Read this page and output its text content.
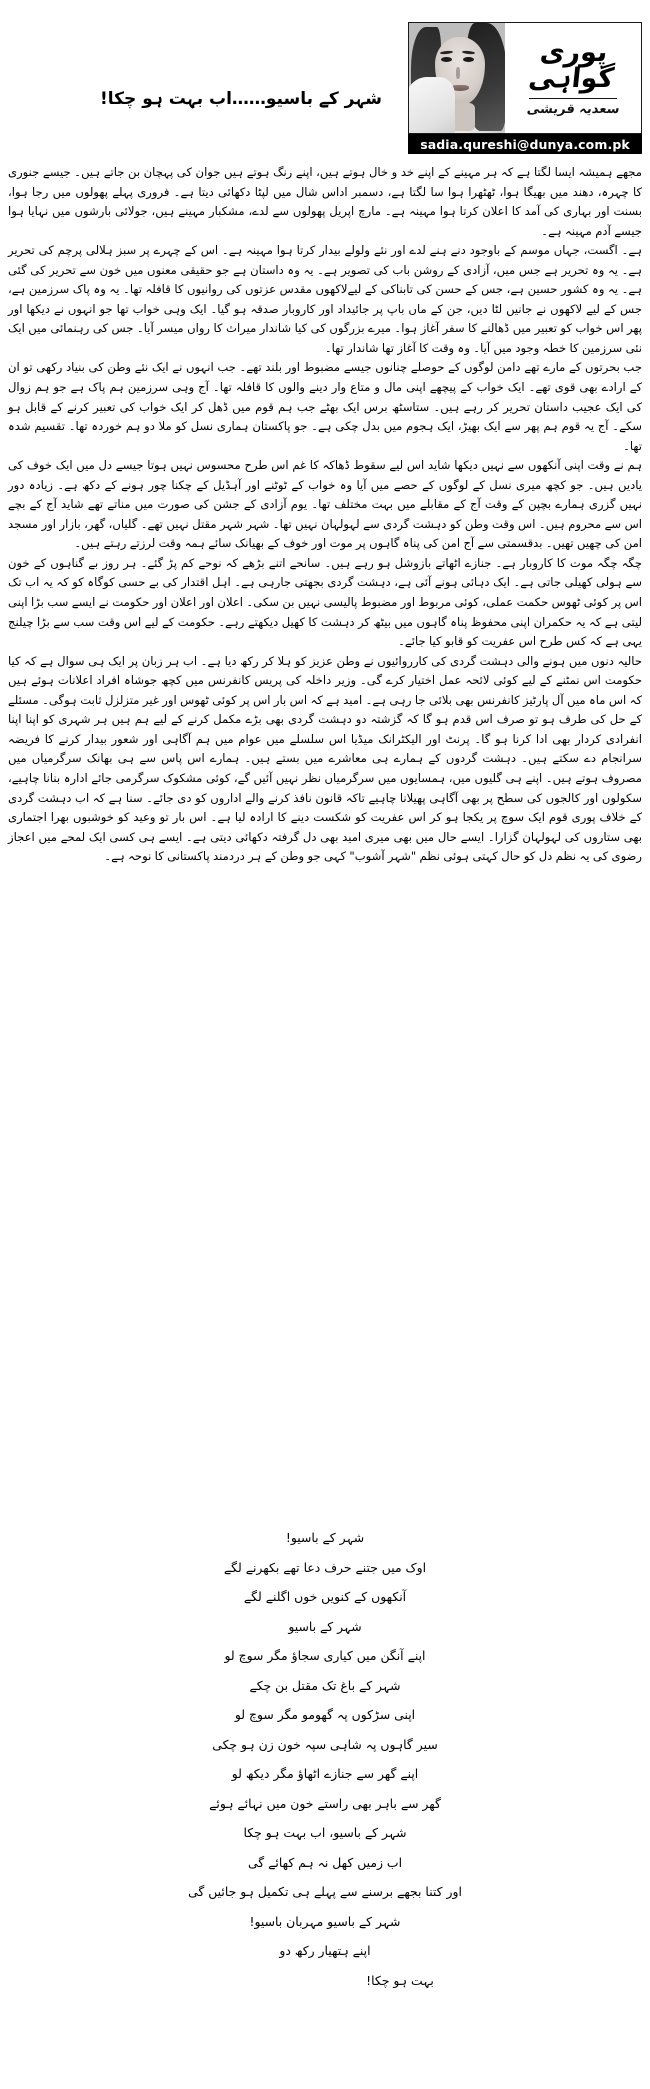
پوری
گواہی
سعدیہ قریشی
sadia.qureshi@dunya.com.pk
شہر کے باسیو……اب بہت ہو چکا!

مجھے ہمیشہ ایسا لگتا ہے کہ ہر مہینے کے اپنے خد و خال ہوتے ہیں، اپنے رنگ ہوتے ہیں جوان کی پہچان بن جاتے ہیں۔ جیسے جنوری کا چہرہ، دھند میں بھیگا ہوا، ٹھٹھرا ہوا سا لگتا ہے، دسمبر اداس شال میں لپٹا دکھائی دیتا ہے۔ فروری پہلے پھولوں میں رجا ہوا، بسنت اور بہاری کی آمد کا اعلان کرتا ہوا مہینہ ہے۔ مارچ اپریل پھولوں سے لدے، مشکبار مہینے ہیں، جولائی بارشوں میں نہایا ہوا جیسے آدم مہینہ ہے۔

ہے۔ اگست، جہاں موسم کے باوجود دنے ہنے لدے اور نئے ولولے بیدار کرتا ہوا مہینہ ہے۔ اس کے چہرے پر سبز ہلالی پرچم کی تحریر ہے۔ یہ وہ تحریر ہے جس میں، آزادی کے روشن باب کی تصویر ہے۔ یہ وہ داستان ہے جو حقیقی معنوں میں خون سے تحریر کی گئی ہے۔ یہ وہ کشور حسین ہے، جس کے حسن کی تابناکی کے لیےلاکھوں مقدس عزتوں کی روانیوں کا قافلہ تھا۔ یہ وہ پاک سرزمین ہے، جس کے لیے لاکھوں نے جانیں لٹا دیں، جن کے ماں باپ پر جائیداد اور کاروبار صدقہ ہو گیا۔ ایک وہی خواب تھا جو انہوں نے دیکھا اور پھر اس خواب کو تعبیر میں ڈھالنے کا سفر آغاز ہوا۔ میرے بزرگوں کی کیا شاندار میراث کا رواں میسر آیا۔ جس کی رہنمائی میں ایک نئی سرزمین کا خطہ وجود میں آیا۔ وہ وقت کا آغاز تھا شاندار تھا۔

جب بحرتوں کے مارے تھے دامن لوگوں کے حوصلے چنانوں جیسے مضبوط اور بلند تھے۔ جب انہوں نے ایک نئے وطن کی بنیاد رکھی تو ان کے ارادے بھی قوی تھے۔ ایک خواب کے پیچھے اپنی مال و متاع وار دینے والوں کا قافلہ تھا۔ آج وہی سرزمین ہم پاک ہے جو ہم زوال کی ایک عجیب داستان تحریر کر رہے ہیں۔ ستاسٹھ برس ایک بھٹے جب ہم قوم میں ڈھل کر ایک خواب کی تعبیر کرنے کے قابل ہو سکے۔ آج یہ قوم ہم پھر سے ایک بھیڑ، ایک ہجوم میں بدل چکی ہے۔ جو پاکستان ہماری نسل کو ملا دو ہم خوردہ تھا۔ تقسیم شدہ تھا۔

ہم نے وقت اپنی آنکھوں سے نہیں دیکھا شاید اس لیے سقوط ڈھاکہ کا غم اس طرح محسوس نہیں ہوتا جیسے دل میں ایک خوف کی یادیں ہیں۔ جو کچھ میری نسل کے لوگوں کے حصے میں آیا وہ خواب کے ٹوٹنے اور آہڈیل کے چکنا چور ہونے کے دکھ ہے۔ زیادہ دور نہیں گزری ہمارے بچپن کے وقت آج کے مقابلے میں بہت مختلف تھا۔ یوم آزادی کے جشن کی صورت میں مناتے تھے شاید آج کے بچے اس سے محروم ہیں۔ اس وقت وطن کو دہشت گردی سے لہولہان نہیں تھا۔ شہر شہر مقتل نہیں تھے۔ گلیاں، گھر، بازار اور مسجد امن کی چھیں تھیں۔ بدقسمتی سے آج امن کی پناہ گاہوں پر موت اور خوف کے بھیانک سائے ہمہ وقت لرزتے رہتے ہیں۔

چگہ چگہ موت کا کاروبار ہے۔ جنازے اٹھاتے بازوشل ہو رہے ہیں۔ سانحے اتنے بڑھے کہ نوحے کم پڑ گئے۔ ہر روز بے گناہوں کے خون سے ہولی کھیلی جاتی ہے۔ ایک دہائی ہونے آئی ہے، دہشت گردی بجھتی جارہی ہے۔ اہل اقتدار کی بے حسی کوگاہ کو کہ یہ اب تک اس پر کوئی ٹھوس حکمت عملی، کوئی مربوط اور مضبوط پالیسی نہیں بن سکی۔ اعلان اور اعلان اور حکومت نے ایسے سب بڑا اپنی لیتی ہے کہ یہ حکمران اپنی محفوظ پناہ گاہوں میں بیٹھ کر دہشت کا کھیل دیکھتے رہے۔ حکومت کے لیے اس وقت سب سے بڑا چیلنج یہی ہے کہ کس طرح اس عفریت کو قابو کیا جائے۔

حالیہ دنوں میں ہونے والی دہشت گردی کی کارروائیوں نے وطن عزیز کو ہلا کر رکھ دیا ہے۔ اب ہر زبان پر ایک ہی سوال ہے کہ کیا حکومت اس نمٹنے کے لیے کوئی لائحہ عمل اختیار کرے گی۔ وزیر داخلہ کی پریس کانفرنس میں کچھ جوشاہ افراد اعلانات ہوئے ہیں کہ اس ماہ میں آل پارٹیز کانفرنس بھی بلائی جا رہی ہے۔ امید ہے کہ اس بار اس پر کوئی ٹھوس اور غیر متزلزل ثابت ہوگی۔ مسئلے کے حل کی طرف ہو تو صرف اس قدم ہو گا کہ گزشتہ دو دہشت گردی بھی بڑے مکمل کرنے کے لیے ہم ہیں ہر شہری کو اپنا اپنا انفرادی کردار بھی ادا کرنا ہو گا۔ پرنٹ اور الیکٹرانک میڈیا اس سلسلے میں عوام میں ہم آگاہی اور شعور بیدار کرنے کا فریضہ سرانجام دے سکتے ہیں۔ دہشت گردوں کے ہمارے ہی معاشرے میں بستے ہیں۔ ہمارے اس پاس سے ہی بھانک سرگرمیاں میں مصروف ہوتے ہیں۔ اپنے ہی گلیوں میں، ہمسایوں میں سرگرمیاں نظر نہیں آئیں گے، کوئی مشکوک سرگرمی جائے ادارہ بنانا چاہیے، سکولوں اور کالجوں کی سطح پر بھی آگاہی پھیلانا چاہیے تاکہ قانون نافذ کرنے والے اداروں کو دی جائے۔ سنا ہے کہ اب دہشت گردی کے خلاف پوری قوم ایک سوچ پر یکجا ہو کر اس عفریت کو شکست دینے کا ارادہ لیا ہے۔ اس بار تو وعید کو خوشبوں بھرا اجتماری بھی ستاروں کی لہولہان گزارا۔ ایسے حال میں بھی میری امید بھی دل گرفتہ دکھائی دیتی ہے۔ ایسے ہی کسی ایک لمحے میں اعجاز رضوی کی یہ نظم دل کو حال کہتی ہوئی نظم "شہر آشوب" کہی جو وطن کے ہر دردمند پاکستانی کا نوحہ ہے۔

شہر کے باسیو!
اوک میں جتنے حرف دعا تھے بکھرنے لگے
آنکھوں کے کنویں خوں اگلنے لگے
شہر کے باسیو
اپنے آنگن میں کیاری سجاؤ مگر سوچ لو
شہر کے باغ تک مقتل بن چکے
اپنی سڑکوں پہ گھومو مگر سوچ لو
سیر گاہوں پہ شاہی سپہ خون زن ہو چکی
اپنے گھر سے جنازے اٹھاؤ مگر دیکھ لو
گھر سے باہر بھی راستے خون میں نہائے ہوئے
شہر کے باسیو، اب بہت ہو چکا
اب زمیں کھل نہ ہم کھائے گی
اور کتنا بجھے برسنے سے پہلے ہی تکمیل ہو جائیں گی
شہر کے باسیو مہربان باسیو!
اپنے ہتھیار رکھ دو
بہت ہو چکا!
